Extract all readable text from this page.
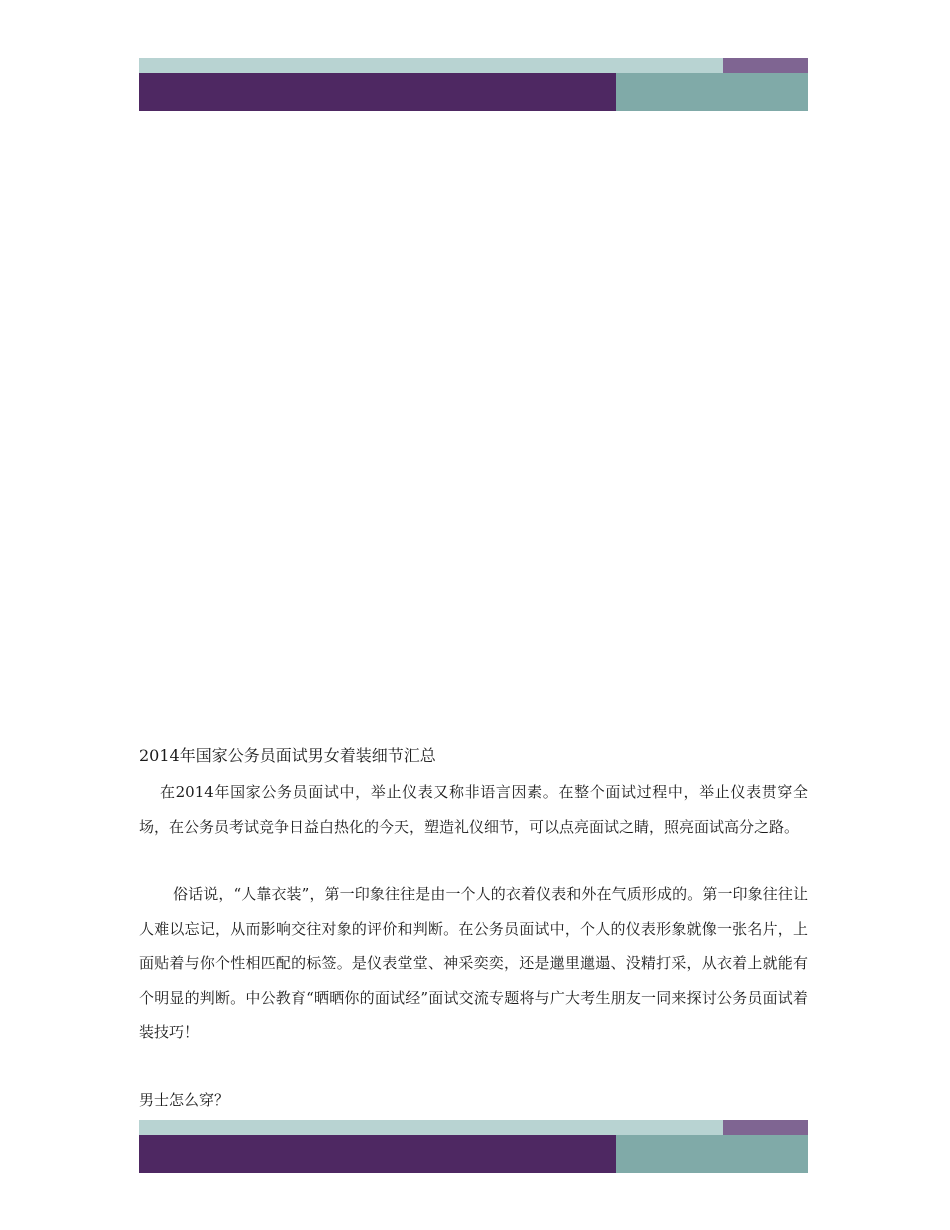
2014年国家公务员面试男女着装细节汇总

在2014年国家公务员面试中，举止仪表又称非语言因素。在整个面试过程中，举止仪表贯穿全场，在公务员考试竞争日益白热化的今天，塑造礼仪细节，可以点亮面试之睛，照亮面试高分之路。

俗话说，“人靠衣装”，第一印象往往是由一个人的衣着仪表和外在气质形成的。第一印象往往让人难以忘记，从而影响交往对象的评价和判断。在公务员面试中，个人的仪表形象就像一张名片，上面贴着与你个性相匹配的标签。是仪表堂堂、神采奕奕，还是邋里邋遢、没精打采，从衣着上就能有个明显的判断。中公教育“晒晒你的面试经”面试交流专题将与广大考生朋友一同来探讨公务员面试着装技巧！

男士怎么穿？
